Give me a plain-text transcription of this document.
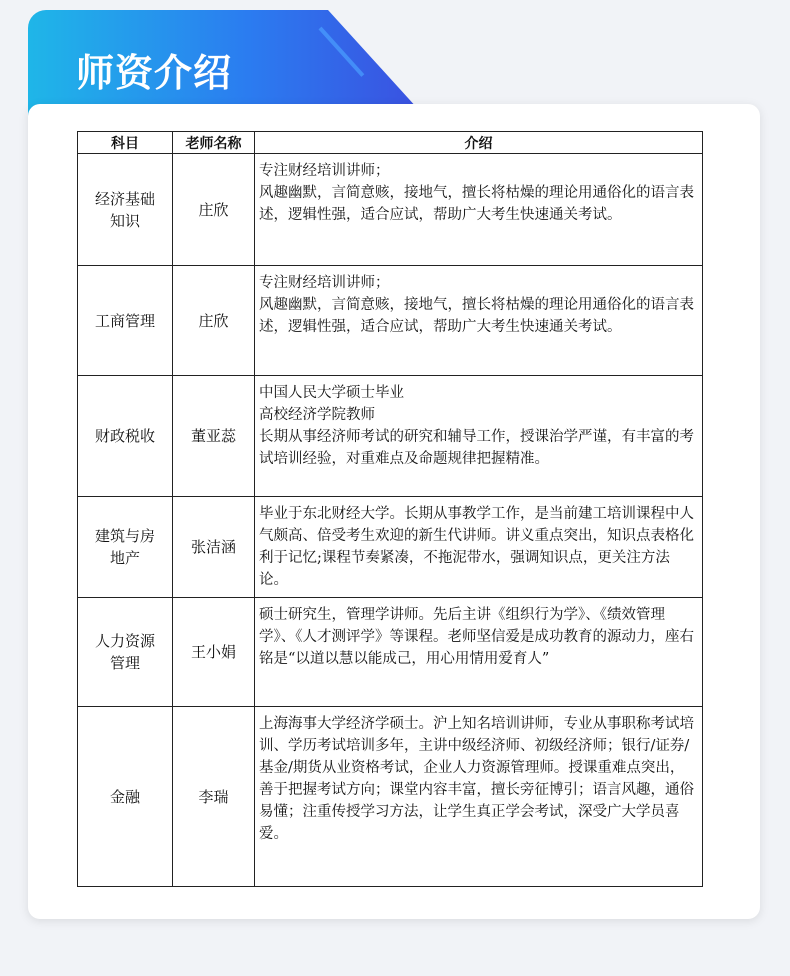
师资介绍
科目	老师名称	介绍
经济基础知识	庄欣	专注财经培训讲师；
风趣幽默，言简意赅，接地气，擅长将枯燥的理论用通俗化的语言表述，逻辑性强，适合应试，帮助广大考生快速通关考试。

工商管理	庄欣	专注财经培训讲师；
风趣幽默，言简意赅，接地气，擅长将枯燥的理论用通俗化的语言表述，逻辑性强，适合应试，帮助广大考生快速通关考试。

财政税收	董亚蕊	中国人民大学硕士毕业
高校经济学院教师
长期从事经济师考试的研究和辅导工作，授课治学严谨，有丰富的考试培训经验，对重难点及命题规律把握精准。

建筑与房地产	张洁涵	毕业于东北财经大学。长期从事教学工作，是当前建工培训课程中人气颇高、倍受考生欢迎的新生代讲师。讲义重点突出，知识点表格化利于记忆;课程节奏紧凑，不拖泥带水，强调知识点，更关注方法论。

人力资源管理	王小娟	硕士研究生，管理学讲师。先后主讲《组织行为学》、《绩效管理学》、《人才测评学》等课程。老师坚信爱是成功教育的源动力，座右铭是“以道以慧以能成己，用心用情用爱育人”

金融	李瑞	上海海事大学经济学硕士。沪上知名培训讲师，专业从事职称考试培训、学历考试培训多年，主讲中级经济师、初级经济师；银行/证券/基金/期货从业资格考试，企业人力资源管理师。授课重难点突出，善于把握考试方向；课堂内容丰富，擅长旁征博引；语言风趣，通俗易懂；注重传授学习方法，让学生真正学会考试，深受广大学员喜爱。
